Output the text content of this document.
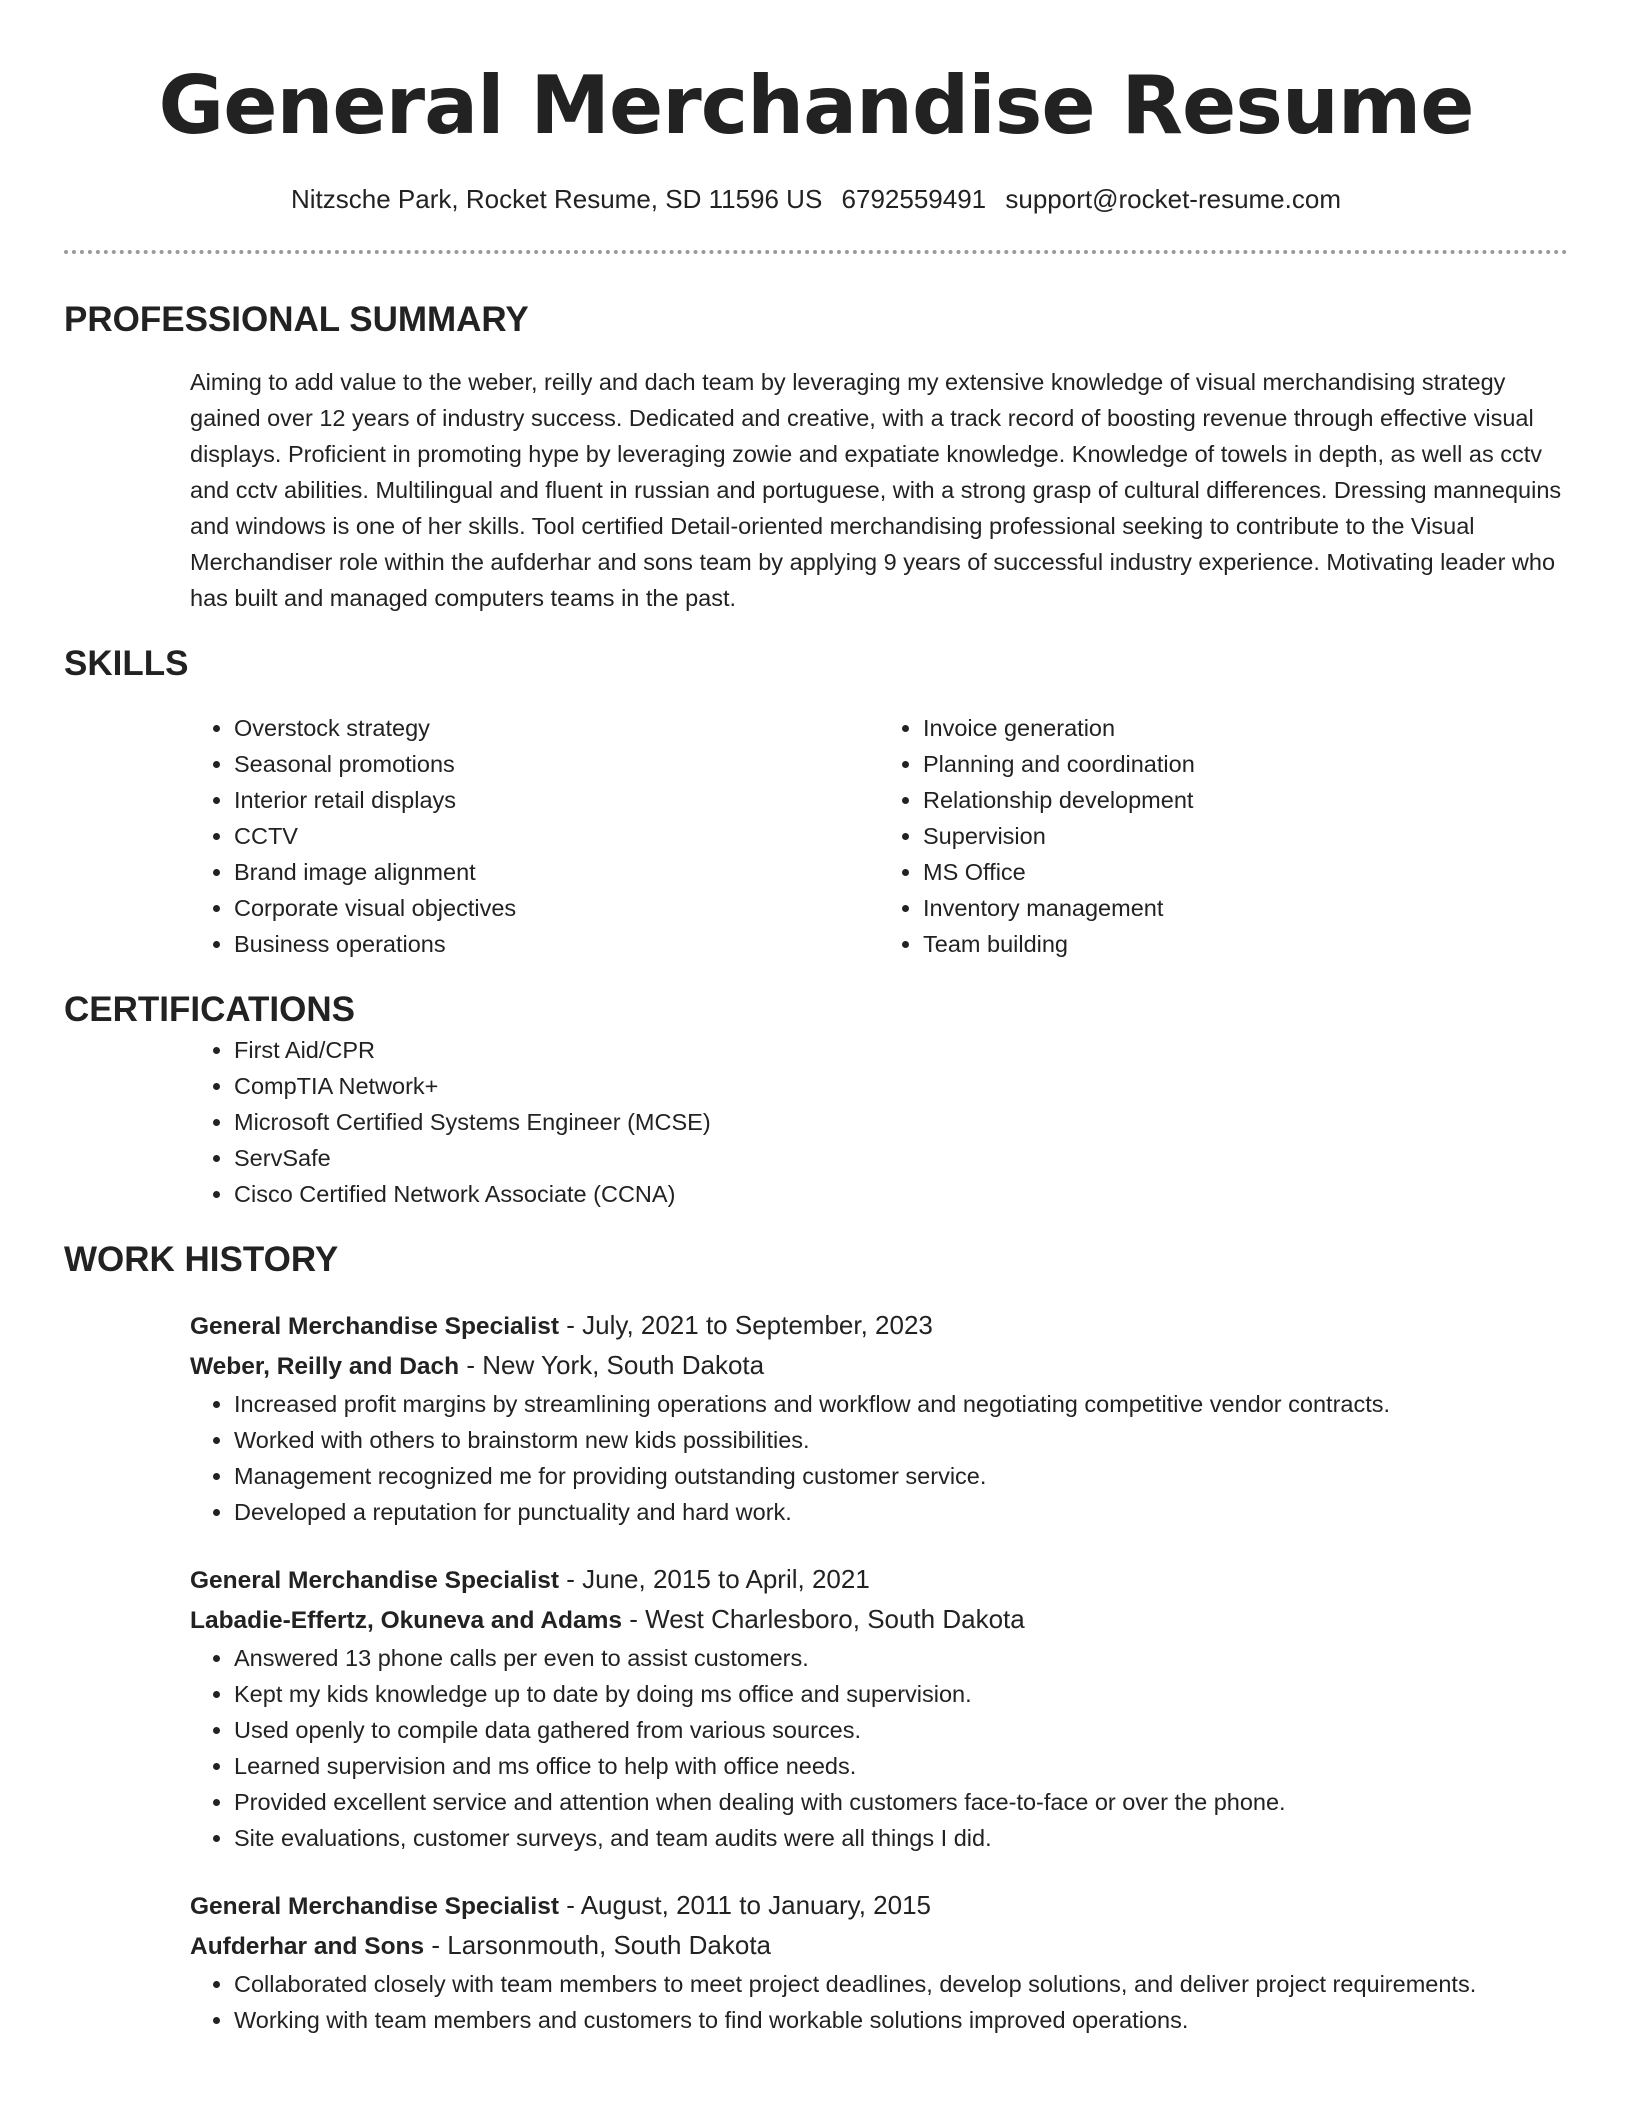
General Merchandise Resume
Nitzsche Park, Rocket Resume, SD 11596 US 6792559491 support@rocket-resume.com
PROFESSIONAL SUMMARY

Aiming to add value to the weber, reilly and dach team by leveraging my extensive knowledge of visual merchandising strategy gained over 12 years of industry success. Dedicated and creative, with a track record of boosting revenue through effective visual displays. Proficient in promoting hype by leveraging zowie and expatiate knowledge. Knowledge of towels in depth, as well as cctv and cctv abilities. Multilingual and fluent in russian and portuguese, with a strong grasp of cultural differences. Dressing mannequins and windows is one of her skills. Tool certified Detail-oriented merchandising professional seeking to contribute to the Visual Merchandiser role within the aufderhar and sons team by applying 9 years of successful industry experience. Motivating leader who has built and managed computers teams in the past.

SKILLS
• Overstock strategy
• Seasonal promotions
• Interior retail displays
• CCTV
• Brand image alignment
• Corporate visual objectives
• Business operations
• Invoice generation
• Planning and coordination
• Relationship development
• Supervision
• MS Office
• Inventory management
• Team building
CERTIFICATIONS
• First Aid/CPR
• CompTIA Network+
• Microsoft Certified Systems Engineer (MCSE)
• ServSafe
• Cisco Certified Network Associate (CCNA)
WORK HISTORY
General Merchandise Specialist - July, 2021 to September, 2023
Weber, Reilly and Dach - New York, South Dakota
• Increased profit margins by streamlining operations and workflow and negotiating competitive vendor contracts.
• Worked with others to brainstorm new kids possibilities.
• Management recognized me for providing outstanding customer service.
• Developed a reputation for punctuality and hard work.
General Merchandise Specialist - June, 2015 to April, 2021
Labadie-Effertz, Okuneva and Adams - West Charlesboro, South Dakota
• Answered 13 phone calls per even to assist customers.
• Kept my kids knowledge up to date by doing ms office and supervision.
• Used openly to compile data gathered from various sources.
• Learned supervision and ms office to help with office needs.
• Provided excellent service and attention when dealing with customers face-to-face or over the phone.
• Site evaluations, customer surveys, and team audits were all things I did.
General Merchandise Specialist - August, 2011 to January, 2015
Aufderhar and Sons - Larsonmouth, South Dakota
• Collaborated closely with team members to meet project deadlines, develop solutions, and deliver project requirements.
• Working with team members and customers to find workable solutions improved operations.
